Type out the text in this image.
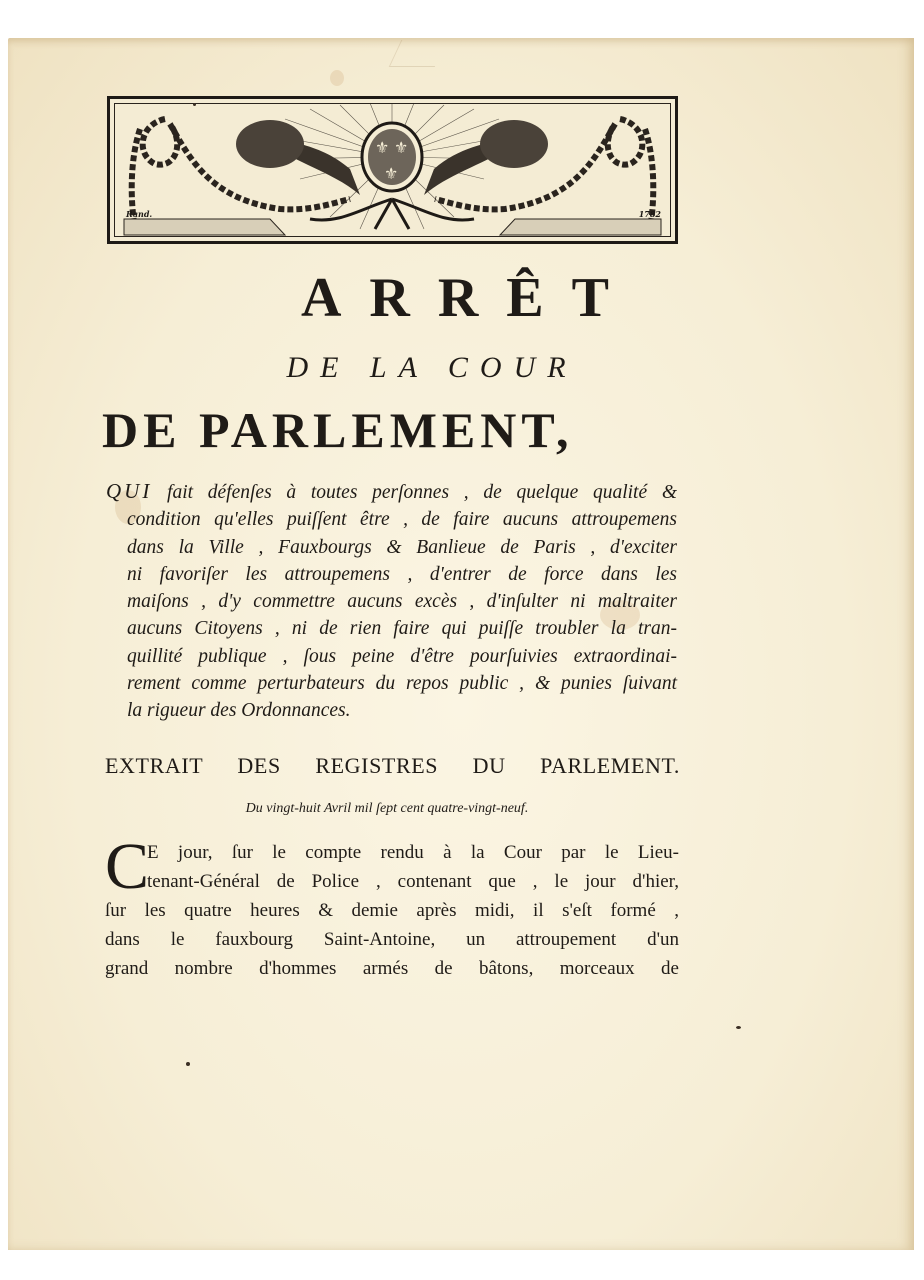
⚜ ⚜
⚜
Rand.	1782
ARRÊT
DE LA COUR
DE PARLEMENT,
QUI fait défenſes à toutes perſonnes , de quelque qualité &
condition qu'elles puiſſent être , de faire aucuns attroupemens
dans la Ville , Fauxbourgs & Banlieue de Paris , d'exciter
ni favoriſer les attroupemens , d'entrer de force dans les
maiſons , d'y commettre aucuns excès , d'inſulter ni maltraiter
aucuns Citoyens , ni de rien faire qui puiſſe troubler la tran-
quillité publique , ſous peine d'être pourſuivies extraordinai-
rement comme perturbateurs du repos public , & punies ſuivant
la rigueur des Ordonnances.
EXTRAIT DES REGISTRES DU PARLEMENT.
Du vingt-huit Avril mil ſept cent quatre-vingt-neuf.
C
E jour, ſur le compte rendu à la Cour par le Lieu-
tenant-Général de Police , contenant que , le jour d'hier,
ſur les quatre heures & demie après midi, il s'eſt formé ,
dans le fauxbourg Saint-Antoine, un attroupement d'un
grand nombre d'hommes armés de bâtons, morceaux de
